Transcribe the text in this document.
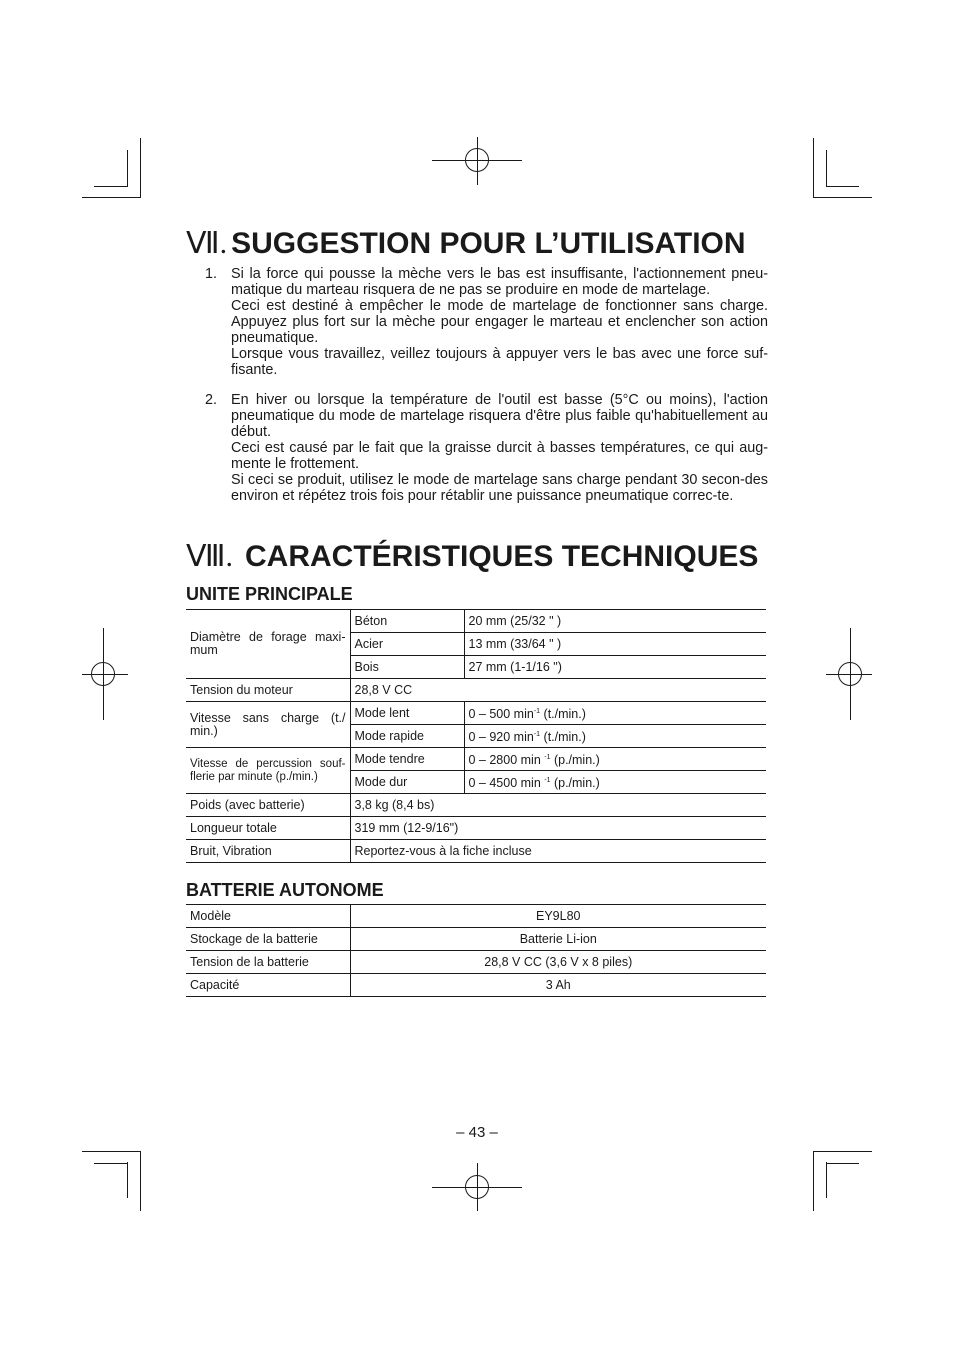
Ⅶ. SUGGESTION POUR L’UTILISATION
1. Si la force qui pousse la mèche vers le bas est insuffisante, l'actionnement pneu-matique du marteau risquera de ne pas se produire en mode de martelage.

Ceci est destiné à empêcher le mode de martelage de fonctionner sans charge. Appuyez plus fort sur la mèche pour engager le marteau et enclencher son action pneumatique.

Lorsque vous travaillez, veillez toujours à appuyer vers le bas avec une force suf-fisante.

2. En hiver ou lorsque la température de l'outil est basse (5°C ou moins), l'action pneumatique du mode de martelage risquera d'être plus faible qu'habituellement au début.

Ceci est causé par le fait que la graisse durcit à basses températures, ce qui aug-mente le frottement.

Si ceci se produit, utilisez le mode de martelage sans charge pendant 30 secon-des environ et répétez trois fois pour rétablir une puissance pneumatique correc-te.

Ⅷ. CARACTÉRISTIQUES TECHNIQUES
UNITE PRINCIPALE
Diamètre de forage maxi-mum	Béton	20 mm (25/32 " )
	Acier	13 mm (33/64 " )
	Bois	27 mm (1-1/16 ")
Tension du moteur	28,8 V CC	
Vitesse sans charge (t./ min.)	Mode lent	0 – 500 $\min^{-1} (t./\min.)$
	Mode rapide	0 – 920 $\min^{-1} (t./\min.)$
Vitesse de percussion souf-flerie par minute (p./min.)	Mode tendre	0 – 2800 min $^{-1}$ (p./min.)
	Mode dur	0 – 4500 min $^{-1}$ (p./min.)
Poids (avec batterie)	3,8 kg (8,4 bs)	
Longueur totale	319 mm (12-9/16")	
Bruit, Vibration	Reportez-vous à la fiche incluse	
BATTERIE AUTONOME
Modèle	EY9L80
Stockage de la batterie	Batterie Li-ion
Tension de la batterie	28,8 V CC (3,6 V x 8 piles)
Capacité	3 Ah
– 43 –
